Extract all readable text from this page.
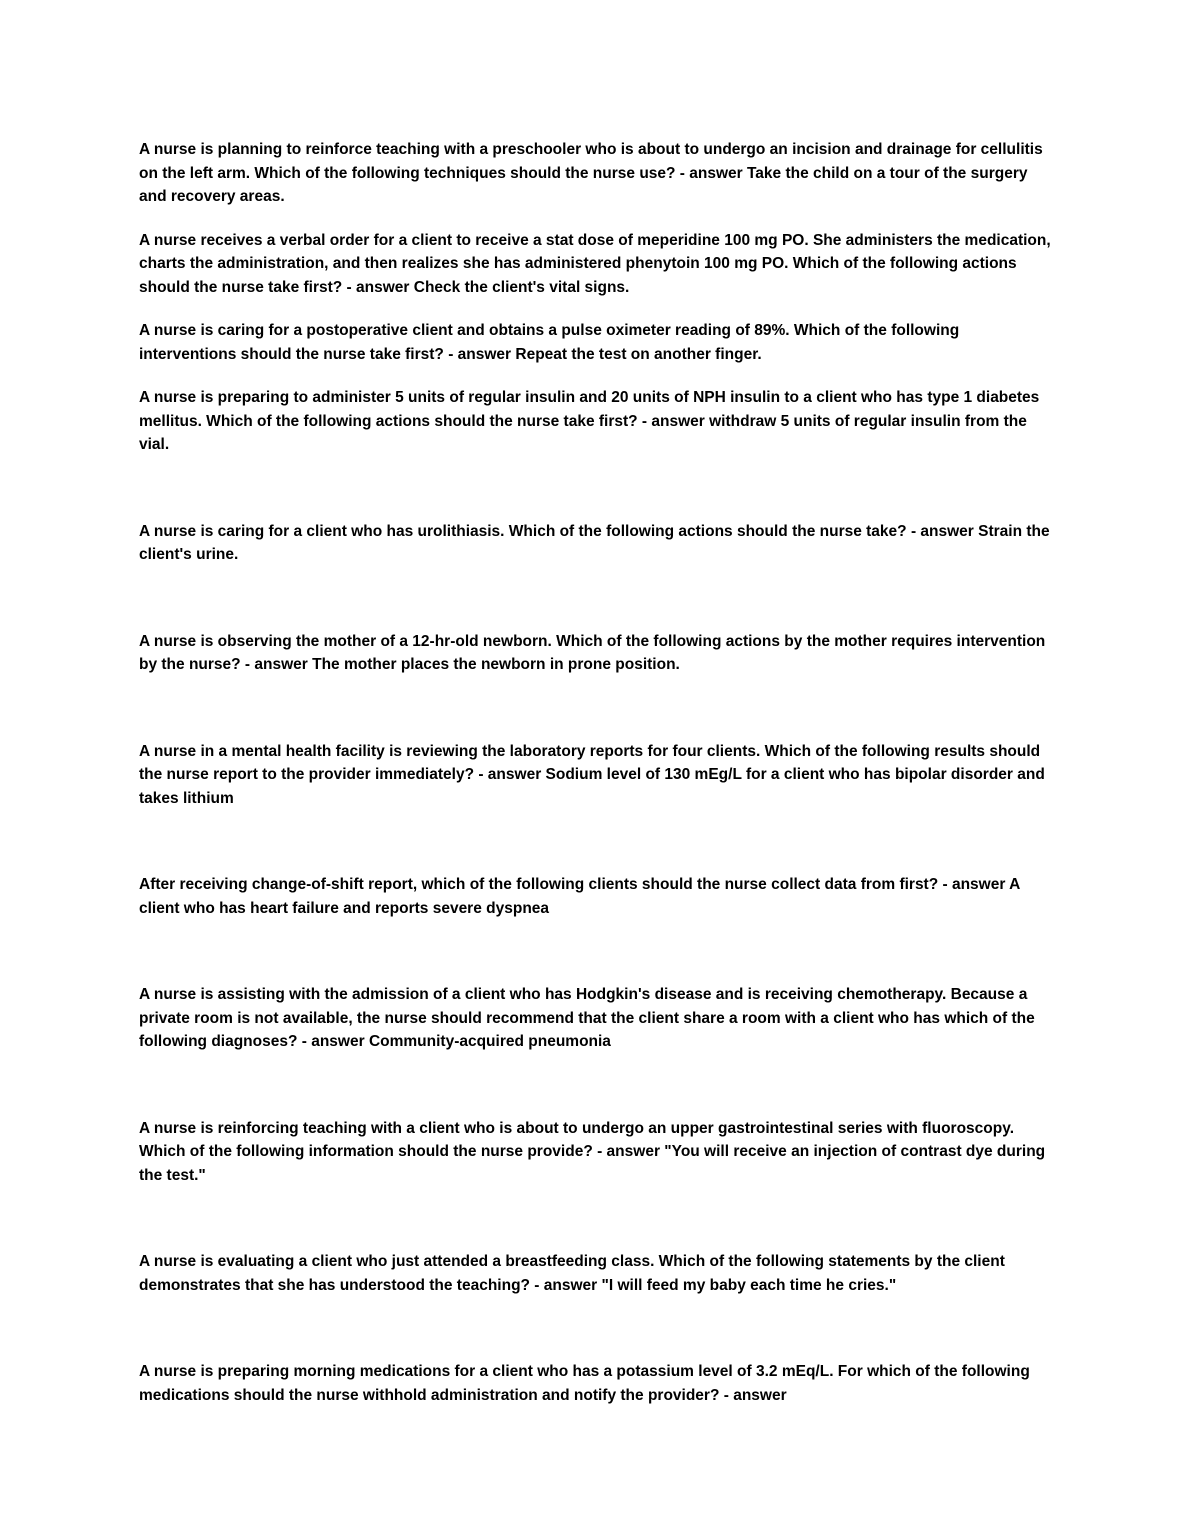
A nurse is planning to reinforce teaching with a preschooler who is about to undergo an incision and drainage for cellulitis on the left arm. Which of the following techniques should the nurse use? - answer Take the child on a tour of the surgery and recovery areas.

A nurse receives a verbal order for a client to receive a stat dose of meperidine 100 mg PO. She administers the medication, charts the administration, and then realizes she has administered phenytoin 100 mg PO. Which of the following actions should the nurse take first? - answer Check the client's vital signs.

A nurse is caring for a postoperative client and obtains a pulse oximeter reading of 89%. Which of the following interventions should the nurse take first? - answer Repeat the test on another finger.

A nurse is preparing to administer 5 units of regular insulin and 20 units of NPH insulin to a client who has type 1 diabetes mellitus. Which of the following actions should the nurse take first? - answer withdraw 5 units of regular insulin from the vial.

A nurse is caring for a client who has urolithiasis. Which of the following actions should the nurse take? - answer Strain the client's urine.

A nurse is observing the mother of a 12-hr-old newborn. Which of the following actions by the mother requires intervention by the nurse? - answer The mother places the newborn in prone position.

A nurse in a mental health facility is reviewing the laboratory reports for four clients. Which of the following results should the nurse report to the provider immediately? - answer Sodium level of 130 mEg/L for a client who has bipolar disorder and takes lithium

After receiving change-of-shift report, which of the following clients should the nurse collect data from first? - answer A client who has heart failure and reports severe dyspnea

A nurse is assisting with the admission of a client who has Hodgkin's disease and is receiving chemotherapy. Because a private room is not available, the nurse should recommend that the client share a room with a client who has which of the following diagnoses? - answer Community-acquired pneumonia

A nurse is reinforcing teaching with a client who is about to undergo an upper gastrointestinal series with fluoroscopy. Which of the following information should the nurse provide? - answer "You will receive an injection of contrast dye during the test."

A nurse is evaluating a client who just attended a breastfeeding class. Which of the following statements by the client demonstrates that she has understood the teaching? - answer "I will feed my baby each time he cries."

A nurse is preparing morning medications for a client who has a potassium level of 3.2 mEq/L. For which of the following medications should the nurse withhold administration and notify the provider? - answer
